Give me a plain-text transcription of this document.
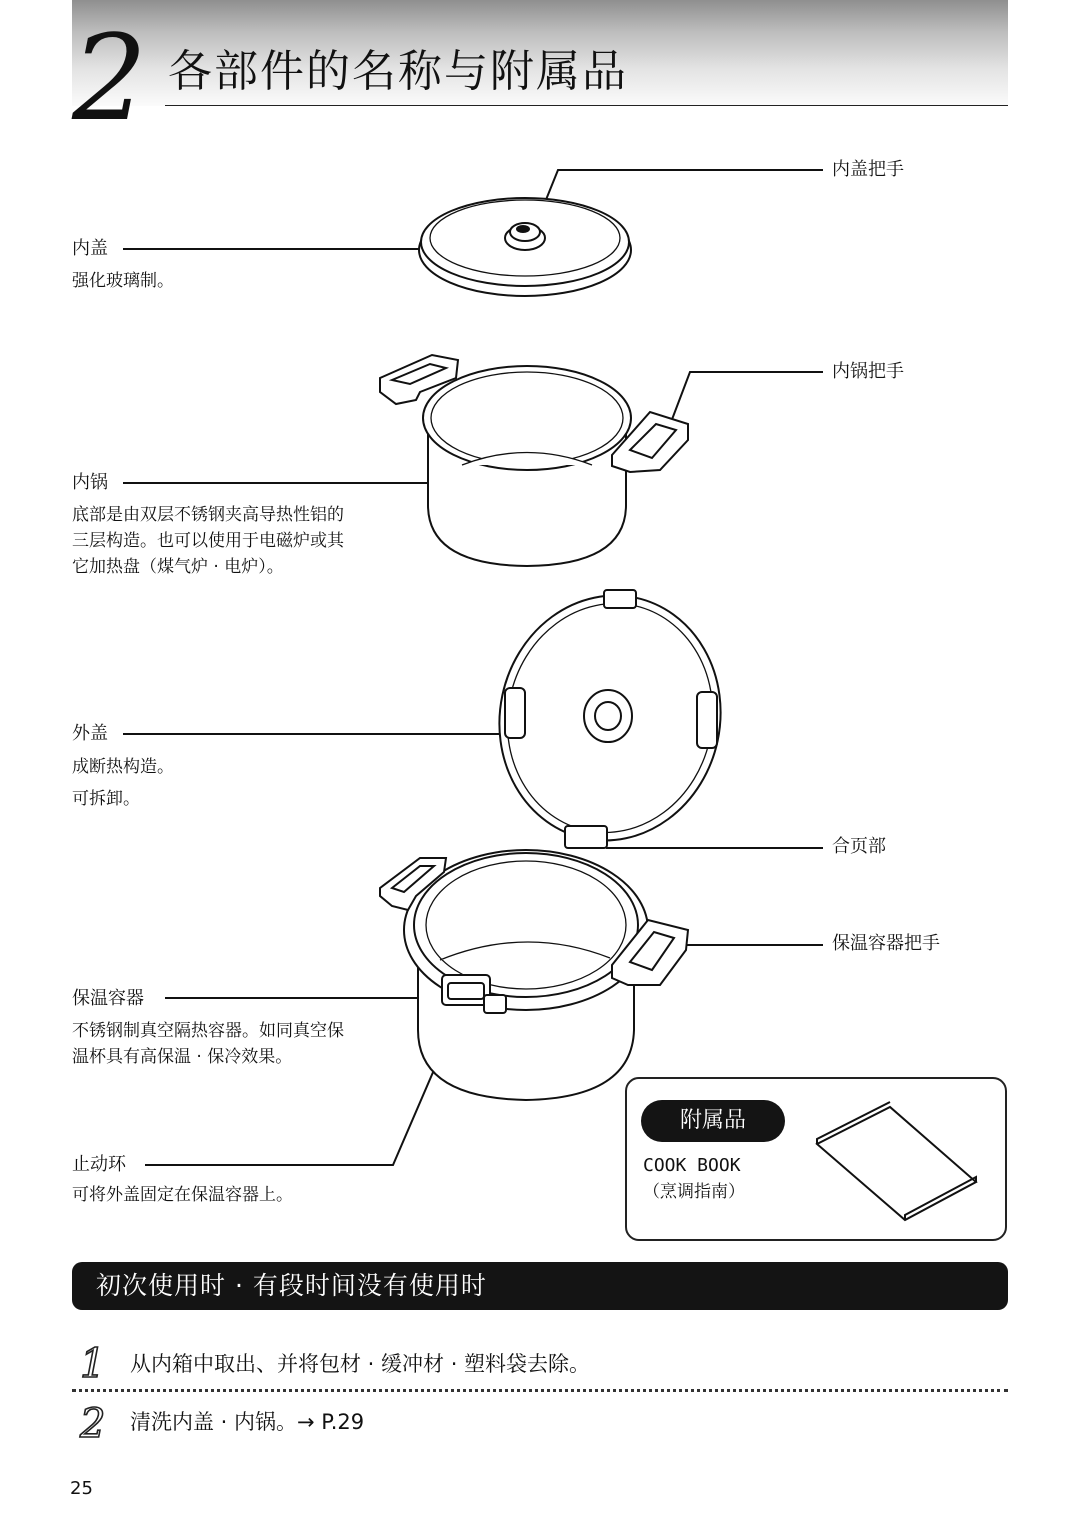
2 各部件的名称与附属品
内盖把手
内盖
强化玻璃制。
内锅把手
内锅
底部是由双层不锈钢夹高导热性铝的
三层构造。也可以使用于电磁炉或其
它加热盘（煤气炉 · 电炉）。
外盖
成断热构造。
可拆卸。
合页部
保温容器把手
保温容器
不锈钢制真空隔热容器。如同真空保
温杯具有高保温 · 保冷效果。
止动环
可将外盖固定在保温容器上。
附属品
COOK BOOK
（烹调指南）
初次使用时 · 有段时间没有使用时
1 从内箱中取出、并将包材 · 缓冲材 · 塑料袋去除。
2 清洗内盖 · 内锅。→ P.29
25
